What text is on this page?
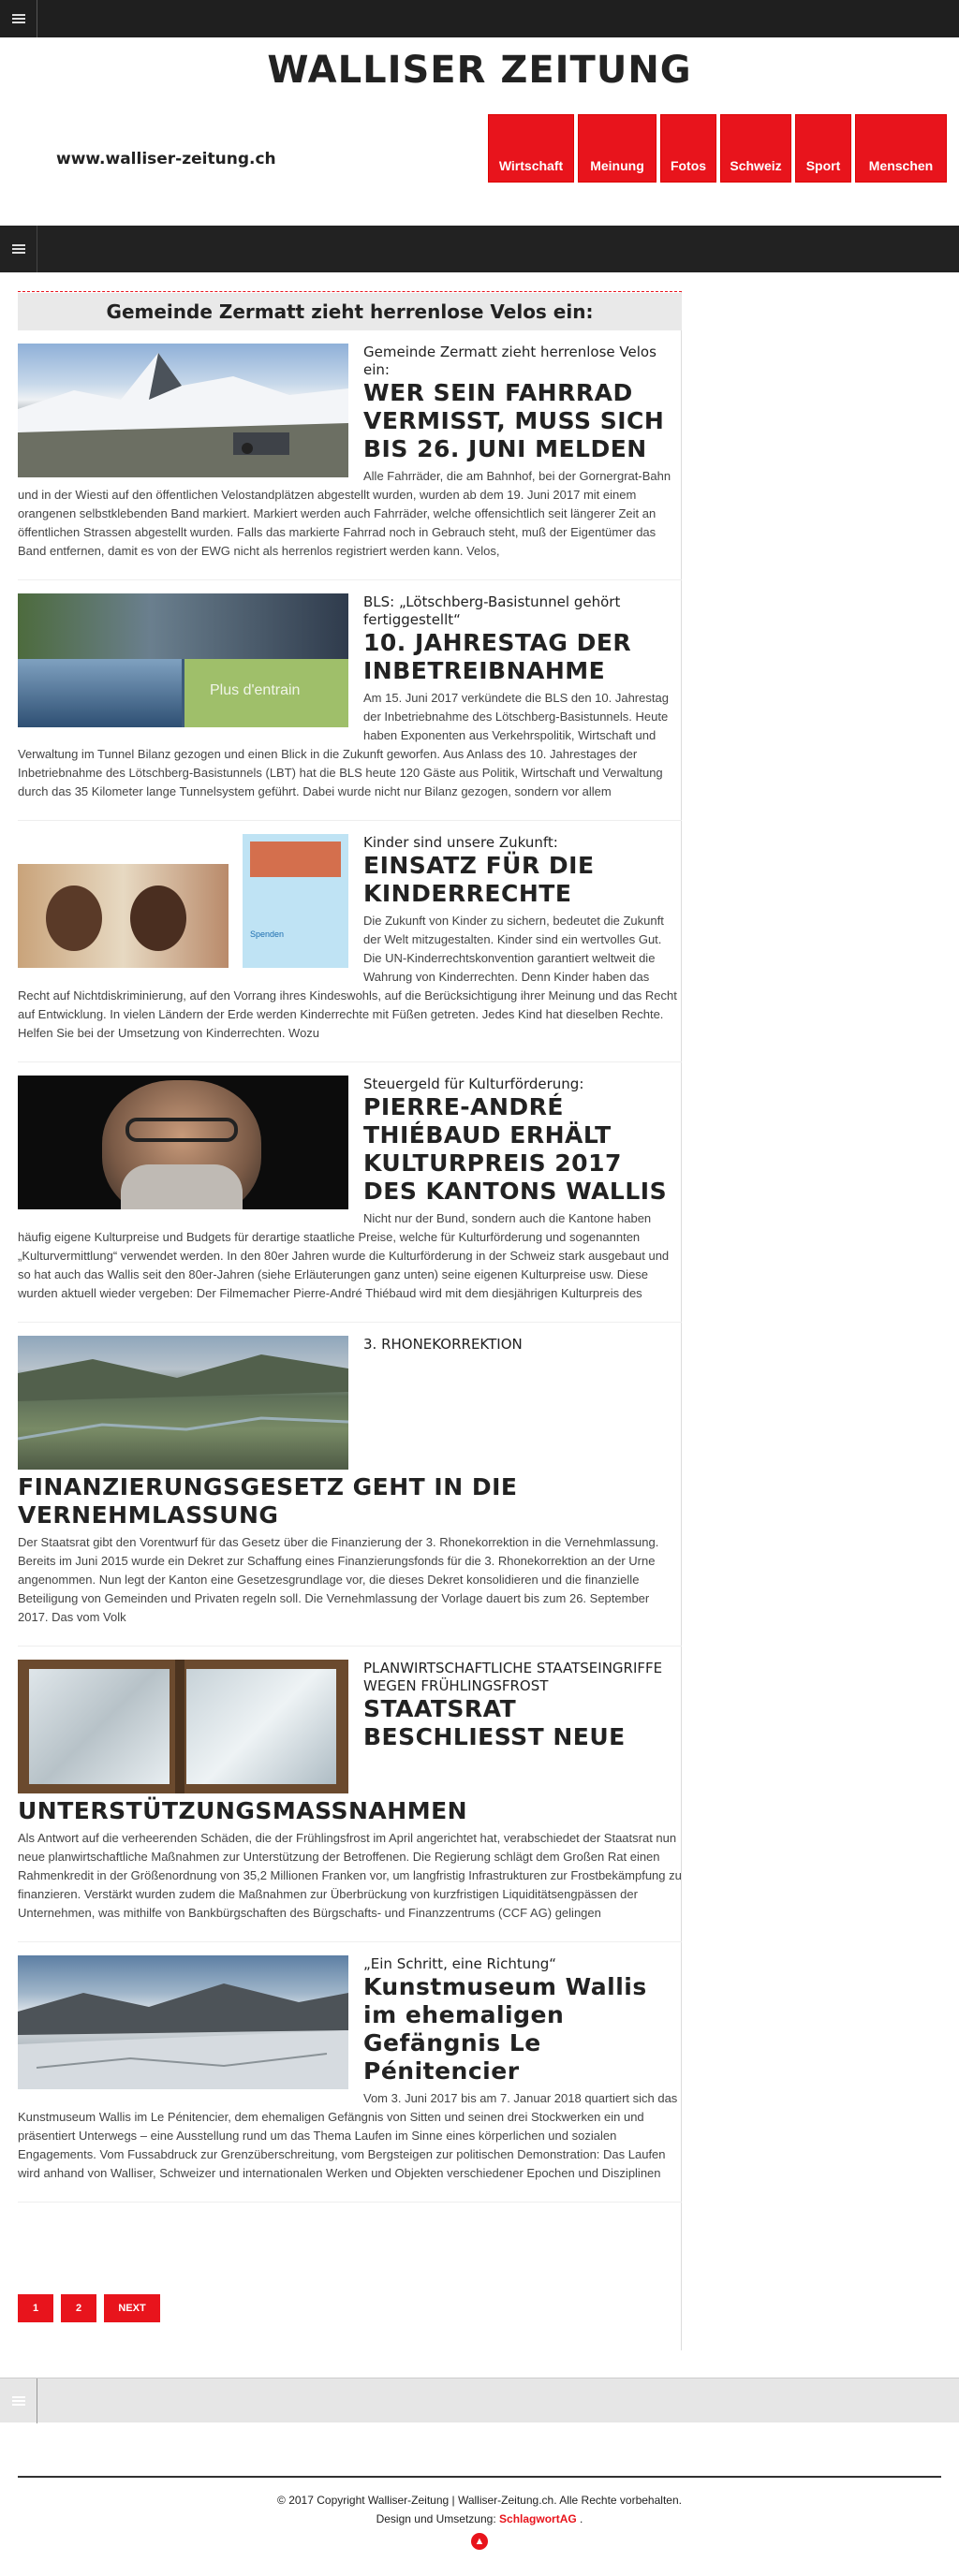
WALLISER ZEITUNG
www.walliser-zeitung.ch	Wirtschaft	Meinung	Fotos	Schweiz	Sport	Menschen
Gemeinde Zermatt zieht herrenlose Velos ein:
Gemeinde Zermatt zieht herrenlose Velos ein:
WER SEIN FAHRRAD VERMISST, MUSS SICH BIS 26. JUNI MELDEN
Alle Fahrräder, die am Bahnhof, bei der Gornergrat-Bahn und in der Wiesti auf den öffentlichen Velostandplätzen abgestellt wurden, wurden ab dem 19. Juni 2017 mit einem orangenen selbstklebenden Band markiert. Markiert werden auch Fahrräder, welche offensichtlich seit längerer Zeit an öffentlichen Strassen abgestellt wurden. Falls das markierte Fahrrad noch in Gebrauch steht, muß der Eigentümer das Band entfernen, damit es von der EWG nicht als herrenlos registriert werden kann. Velos,
Plus d'entrain
BLS: „Lötschberg-Basistunnel gehört fertiggestellt“
10. JAHRESTAG DER INBETREIBNAHME
Am 15. Juni 2017 verkündete die BLS den 10. Jahrestag der Inbetriebnahme des Lötschberg-Basistunnels. Heute haben Exponenten aus Verkehrspolitik, Wirtschaft und Verwaltung im Tunnel Bilanz gezogen und einen Blick in die Zukunft geworfen. Aus Anlass des 10. Jahrestages der Inbetriebnahme des Lötschberg-Basistunnels (LBT) hat die BLS heute 120 Gäste aus Politik, Wirtschaft und Verwaltung durch das 35 Kilometer lange Tunnelsystem geführt. Dabei wurde nicht nur Bilanz gezogen, sondern vor allem
Spenden
Kinder sind unsere Zukunft:
EINSATZ FÜR DIE KINDERRECHTE
Die Zukunft von Kinder zu sichern, bedeutet die Zukunft der Welt mitzugestalten. Kinder sind ein wertvolles Gut. Die UN-Kinderrechtskonvention garantiert weltweit die Wahrung von Kinderrechten. Denn Kinder haben das Recht auf Nichtdiskriminierung, auf den Vorrang ihres Kindeswohls, auf die Berücksichtigung ihrer Meinung und das Recht auf Entwicklung. In vielen Ländern der Erde werden Kinderrechte mit Füßen getreten. Jedes Kind hat dieselben Rechte. Helfen Sie bei der Umsetzung von Kinderrechten. Wozu
Steuergeld für Kulturförderung:
PIERRE-ANDRÉ THIÉBAUD ERHÄLT KULTURPREIS 2017 DES KANTONS WALLIS
Nicht nur der Bund, sondern auch die Kantone haben häufig eigene Kulturpreise und Budgets für derartige staatliche Preise, welche für Kulturförderung und sogenannten „Kulturvermittlung“ verwendet werden. In den 80er Jahren wurde die Kulturförderung in der Schweiz stark ausgebaut und so hat auch das Wallis seit den 80er-Jahren (siehe Erläuterungen ganz unten) seine eigenen Kulturpreise usw. Diese wurden aktuell wieder vergeben: Der Filmemacher Pierre-André Thiébaud wird mit dem diesjährigen Kulturpreis des
3. RHONEKORREKTION
FINANZIERUNGSGESETZ GEHT IN DIE VERNEHMLASSUNG
Der Staatsrat gibt den Vorentwurf für das Gesetz über die Finanzierung der 3. Rhonekorrektion in die Vernehmlassung. Bereits im Juni 2015 wurde ein Dekret zur Schaffung eines Finanzierungsfonds für die 3. Rhonekorrektion an der Urne angenommen. Nun legt der Kanton eine Gesetzesgrundlage vor, die dieses Dekret konsolidieren und die finanzielle Beteiligung von Gemeinden und Privaten regeln soll. Die Vernehmlassung der Vorlage dauert bis zum 26. September 2017. Das vom Volk
PLANWIRTSCHAFTLICHE STAATSEINGRIFFE WEGEN FRÜHLINGSFROST
STAATSRAT BESCHLIESST NEUE UNTERSTÜTZUNGSMASSNAHMEN
Als Antwort auf die verheerenden Schäden, die der Frühlingsfrost im April angerichtet hat, verabschiedet der Staatsrat nun neue planwirtschaftliche Maßnahmen zur Unterstützung der Betroffenen. Die Regierung schlägt dem Großen Rat einen Rahmenkredit in der Größenordnung von 35,2 Millionen Franken vor, um langfristig Infrastrukturen zur Frostbekämpfung zu finanzieren. Verstärkt wurden zudem die Maßnahmen zur Überbrückung von kurzfristigen Liquiditätsengpässen der Unternehmen, was mithilfe von Bankbürgschaften des Bürgschafts- und Finanzzentrums (CCF AG) gelingen
„Ein Schritt, eine Richtung“
Kunstmuseum Wallis im ehemaligen Gefängnis Le Pénitencier
Vom 3. Juni 2017 bis am 7. Januar 2018 quartiert sich das Kunstmuseum Wallis im Le Pénitencier, dem ehemaligen Gefängnis von Sitten und seinen drei Stockwerken ein und präsentiert Unterwegs – eine Ausstellung rund um das Thema Laufen im Sinne eines körperlichen und sozialen Engagements. Vom Fussabdruck zur Grenzüberschreitung, vom Bergsteigen zur politischen Demonstration: Das Laufen wird anhand von Walliser, Schweizer und internationalen Werken und Objekten verschiedener Epochen und Disziplinen
1	2	NEXT
© 2017 Copyright Walliser-Zeitung | Walliser-Zeitung.ch. Alle Rechte vorbehalten.
Design und Umsetzung: SchlagwortAG .
▲
